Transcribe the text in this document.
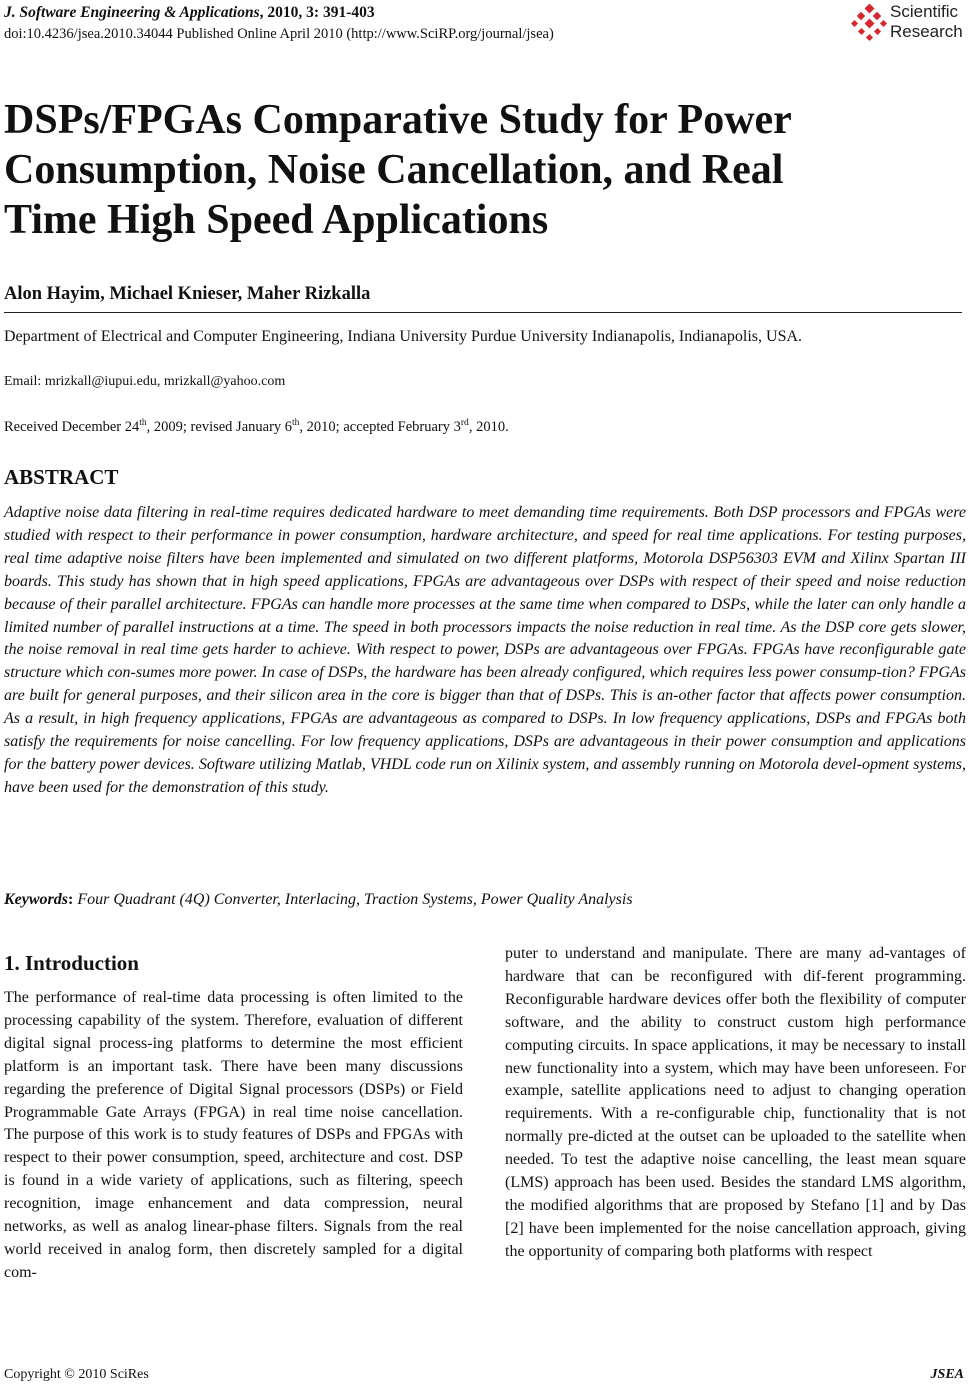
J. Software Engineering & Applications, 2010, 3: 391-403
doi:10.4236/jsea.2010.34044 Published Online April 2010 (http://www.SciRP.org/journal/jsea)
Scientific
Research
DSPs/FPGAs Comparative Study for Power
Consumption, Noise Cancellation, and Real
Time High Speed Applications
Alon Hayim, Michael Knieser, Maher Rizkalla
Department of Electrical and Computer Engineering, Indiana University Purdue University Indianapolis, Indianapolis, USA.
Email: mrizkall@iupui.edu, mrizkall@yahoo.com
Received December 24th, 2009; revised January 6th, 2010; accepted February 3rd, 2010.
ABSTRACT

Adaptive noise data filtering in real-time requires dedicated hardware to meet demanding time requirements. Both DSP processors and FPGAs were studied with respect to their performance in power consumption, hardware architecture, and speed for real time applications. For testing purposes, real time adaptive noise filters have been implemented and simulated on two different platforms, Motorola DSP56303 EVM and Xilinx Spartan III boards. This study has shown that in high speed applications, FPGAs are advantageous over DSPs with respect of their speed and noise reduction because of their parallel architecture. FPGAs can handle more processes at the same time when compared to DSPs, while the later can only handle a limited number of parallel instructions at a time. The speed in both processors impacts the noise reduction in real time. As the DSP core gets slower, the noise removal in real time gets harder to achieve. With respect to power, DSPs are advantageous over FPGAs. FPGAs have reconfigurable gate structure which con-sumes more power. In case of DSPs, the hardware has been already configured, which requires less power consump-tion? FPGAs are built for general purposes, and their silicon area in the core is bigger than that of DSPs. This is an-other factor that affects power consumption. As a result, in high frequency applications, FPGAs are advantageous as compared to DSPs. In low frequency applications, DSPs and FPGAs both satisfy the requirements for noise cancelling. For low frequency applications, DSPs are advantageous in their power consumption and applications for the battery power devices. Software utilizing Matlab, VHDL code run on Xilinix system, and assembly running on Motorola devel-opment systems, have been used for the demonstration of this study.

Keywords: Four Quadrant (4Q) Converter, Interlacing, Traction Systems, Power Quality Analysis
1. Introduction

The performance of real-time data processing is often limited to the processing capability of the system. Therefore, evaluation of different digital signal process-ing platforms to determine the most efficient platform is an important task. There have been many discussions regarding the preference of Digital Signal processors (DSPs) or Field Programmable Gate Arrays (FPGA) in real time noise cancellation. The purpose of this work is to study features of DSPs and FPGAs with respect to their power consumption, speed, architecture and cost. DSP is found in a wide variety of applications, such as filtering, speech recognition, image enhancement and data compression, neural networks, as well as analog linear-phase filters. Signals from the real world received in analog form, then discretely sampled for a digital com-

puter to understand and manipulate. There are many ad-vantages of hardware that can be reconfigured with dif-ferent programming. Reconfigurable hardware devices offer both the flexibility of computer software, and the ability to construct custom high performance computing circuits. In space applications, it may be necessary to install new functionality into a system, which may have been unforeseen. For example, satellite applications need to adjust to changing operation requirements. With a re-configurable chip, functionality that is not normally pre-dicted at the outset can be uploaded to the satellite when needed. To test the adaptive noise cancelling, the least mean square (LMS) approach has been used. Besides the standard LMS algorithm, the modified algorithms that are proposed by Stefano [1] and by Das [2] have been implemented for the noise cancellation approach, giving the opportunity of comparing both platforms with respect

Copyright © 2010 SciRes	JSEA
